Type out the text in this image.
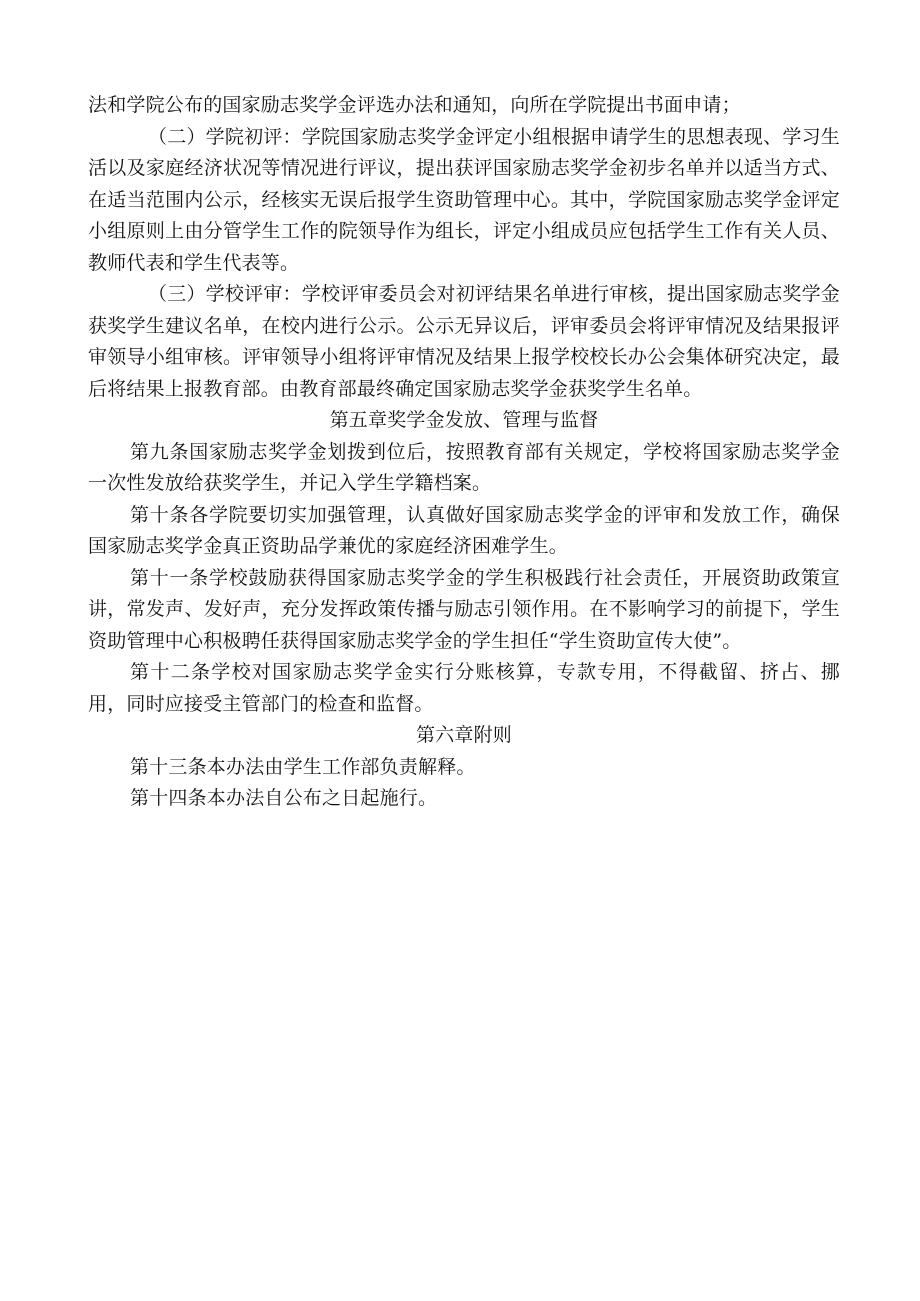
法和学院公布的国家励志奖学金评选办法和通知，向所在学院提出书面申请；

（二）学院初评：学院国家励志奖学金评定小组根据申请学生的思想表现、学习生活以及家庭经济状况等情况进行评议，提出获评国家励志奖学金初步名单并以适当方式、在适当范围内公示，经核实无误后报学生资助管理中心。其中，学院国家励志奖学金评定小组原则上由分管学生工作的院领导作为组长，评定小组成员应包括学生工作有关人员、教师代表和学生代表等。

（三）学校评审：学校评审委员会对初评结果名单进行审核，提出国家励志奖学金获奖学生建议名单，在校内进行公示。公示无异议后，评审委员会将评审情况及结果报评审领导小组审核。评审领导小组将评审情况及结果上报学校校长办公会集体研究决定，最后将结果上报教育部。由教育部最终确定国家励志奖学金获奖学生名单。

第五章奖学金发放、管理与监督

第九条国家励志奖学金划拨到位后，按照教育部有关规定，学校将国家励志奖学金一次性发放给获奖学生，并记入学生学籍档案。

第十条各学院要切实加强管理，认真做好国家励志奖学金的评审和发放工作，确保国家励志奖学金真正资助品学兼优的家庭经济困难学生。

第十一条学校鼓励获得国家励志奖学金的学生积极践行社会责任，开展资助政策宣讲，常发声、发好声，充分发挥政策传播与励志引领作用。在不影响学习的前提下，学生资助管理中心积极聘任获得国家励志奖学金的学生担任“学生资助宣传大使”。

第十二条学校对国家励志奖学金实行分账核算，专款专用，不得截留、挤占、挪用，同时应接受主管部门的检查和监督。

第六章附则

第十三条本办法由学生工作部负责解释。

第十四条本办法自公布之日起施行。
